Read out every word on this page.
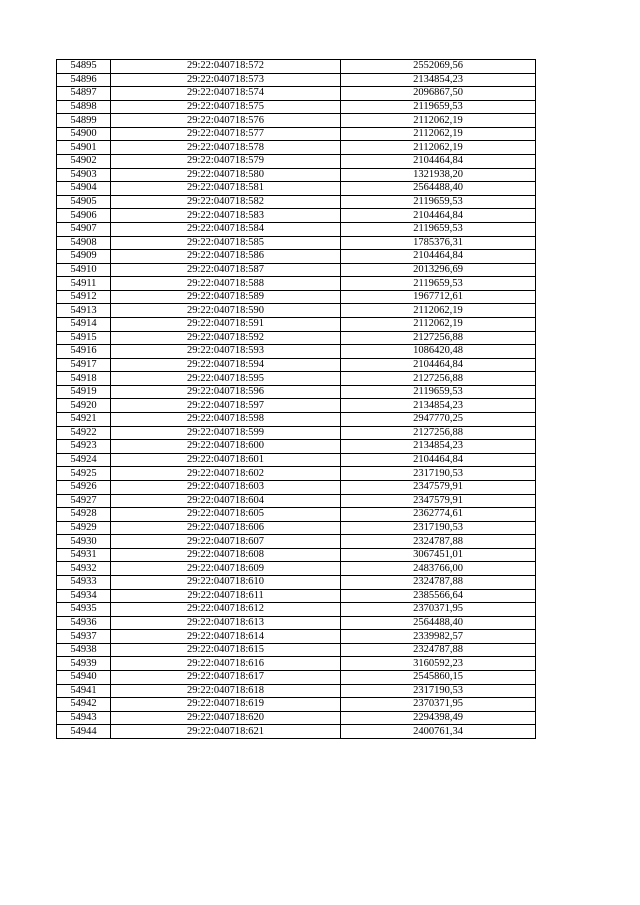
54895	29:22:040718:572	2552069,56
54896	29:22:040718:573	2134854,23
54897	29:22:040718:574	2096867,50
54898	29:22:040718:575	2119659,53
54899	29:22:040718:576	2112062,19
54900	29:22:040718:577	2112062,19
54901	29:22:040718:578	2112062,19
54902	29:22:040718:579	2104464,84
54903	29:22:040718:580	1321938,20
54904	29:22:040718:581	2564488,40
54905	29:22:040718:582	2119659,53
54906	29:22:040718:583	2104464,84
54907	29:22:040718:584	2119659,53
54908	29:22:040718:585	1785376,31
54909	29:22:040718:586	2104464,84
54910	29:22:040718:587	2013296,69
54911	29:22:040718:588	2119659,53
54912	29:22:040718:589	1967712,61
54913	29:22:040718:590	2112062,19
54914	29:22:040718:591	2112062,19
54915	29:22:040718:592	2127256,88
54916	29:22:040718:593	1086420,48
54917	29:22:040718:594	2104464,84
54918	29:22:040718:595	2127256,88
54919	29:22:040718:596	2119659,53
54920	29:22:040718:597	2134854,23
54921	29:22:040718:598	2947770,25
54922	29:22:040718:599	2127256,88
54923	29:22:040718:600	2134854,23
54924	29:22:040718:601	2104464,84
54925	29:22:040718:602	2317190,53
54926	29:22:040718:603	2347579,91
54927	29:22:040718:604	2347579,91
54928	29:22:040718:605	2362774,61
54929	29:22:040718:606	2317190,53
54930	29:22:040718:607	2324787,88
54931	29:22:040718:608	3067451,01
54932	29:22:040718:609	2483766,00
54933	29:22:040718:610	2324787,88
54934	29:22:040718:611	2385566,64
54935	29:22:040718:612	2370371,95
54936	29:22:040718:613	2564488,40
54937	29:22:040718:614	2339982,57
54938	29:22:040718:615	2324787,88
54939	29:22:040718:616	3160592,23
54940	29:22:040718:617	2545860,15
54941	29:22:040718:618	2317190,53
54942	29:22:040718:619	2370371,95
54943	29:22:040718:620	2294398,49
54944	29:22:040718:621	2400761,34
